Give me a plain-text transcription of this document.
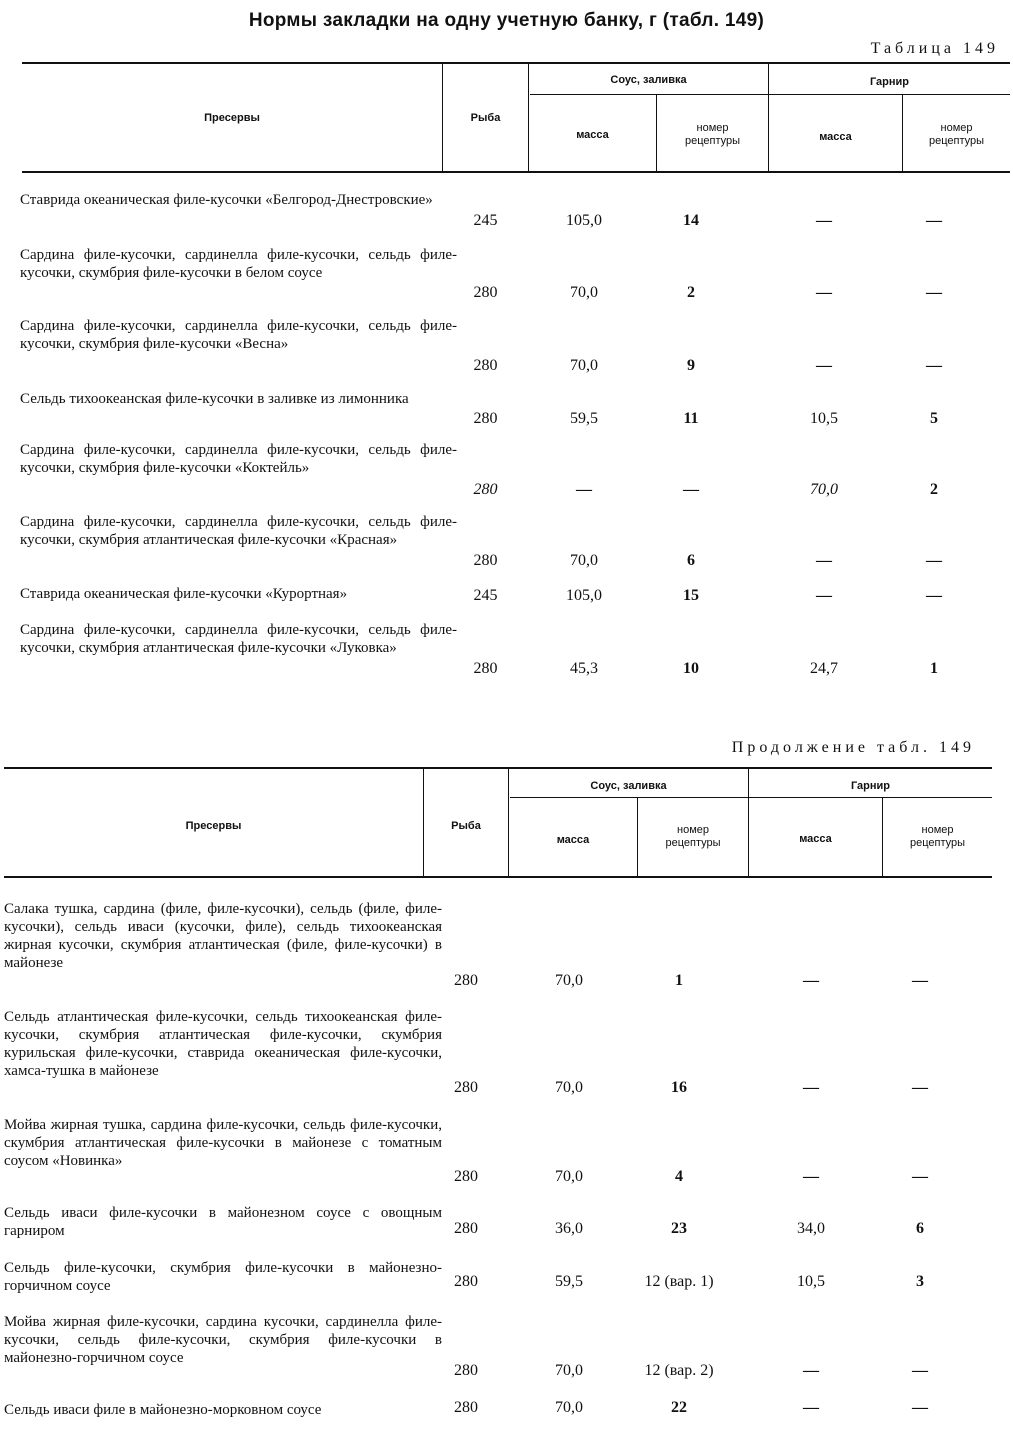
Нормы закладки на одну учетную банку, г (табл. 149)
Таблица 149
Пресервы	Рыба
Соус, заливка	Гарнир
масса
номер
рецептуры	масса
номер
рецептуры
Ставрида океаническая филе-кусочки «Белгород-Днестровские»
245	105,0	14	—	—
Сардина филе-кусочки, сардинелла филе-кусочки, сельдь филе-кусочки, скумбрия филе-кусочки в белом соусе
280	70,0	2	—	—
Сардина филе-кусочки, сардинелла филе-кусочки, сельдь филе-кусочки, скумбрия филе-кусочки «Весна»
280	70,0	9	—	—
Сельдь тихоокеанская филе-кусочки в заливке из лимонника
280	59,5	11	10,5	5
Сардина филе-кусочки, сардинелла филе-кусочки, сельдь филе-кусочки, скумбрия филе-кусочки «Коктейль»
280	—	—	70,0	2
Сардина филе-кусочки, сардинелла филе-кусочки, сельдь филе-кусочки, скумбрия атлантическая филе-кусочки «Красная»
280	70,0	6	—	—
Ставрида океаническая филе-кусочки «Курортная»	245	105,0	15	—	—
Сардина филе-кусочки, сардинелла филе-кусочки, сельдь филе-кусочки, скумбрия атлантическая филе-кусочки «Луковка»
280	45,3	10	24,7	1
Продолжение табл. 149
Пресервы	Рыба
Соус, заливка	Гарнир
масса
номер
рецептуры	масса
номер
рецептуры
Салака тушка, сардина (филе, филе-кусочки), сельдь (филе, филе-кусочки), сельдь иваси (кусочки, филе), сельдь тихоокеанская жирная кусочки, скумбрия атлантическая (филе, филе-кусочки) в майонезе
280	70,0	1	—	—
Сельдь атлантическая филе-кусочки, сельдь тихоокеанская филе-кусочки, скумбрия атлантическая филе-кусочки, скумбрия курильская филе-кусочки, ставрида океаническая филе-кусочки, хамса-тушка в майонезе
280	70,0	16	—	—
Мойва жирная тушка, сардина филе-кусочки, сельдь филе-кусочки, скумбрия атлантическая филе-кусочки в майонезе с томатным соусом «Новинка»
280	70,0	4	—	—
Сельдь иваси филе-кусочки в майонезном соусе с овощным гарниром	280	36,0	23	34,0	6
Сельдь филе-кусочки, скумбрия филе-кусочки в майонезно-горчичном соусе	280	59,5	12 (вар. 1)	10,5	3
Мойва жирная филе-кусочки, сардина кусочки, сардинелла филе-кусочки, сельдь филе-кусочки, скумбрия филе-кусочки в майонезно-горчичном соусе
280	70,0	12 (вар. 2)	—	—
Сельдь иваси филе в майонезно-морковном соусе	280	70,0	22	—	—
